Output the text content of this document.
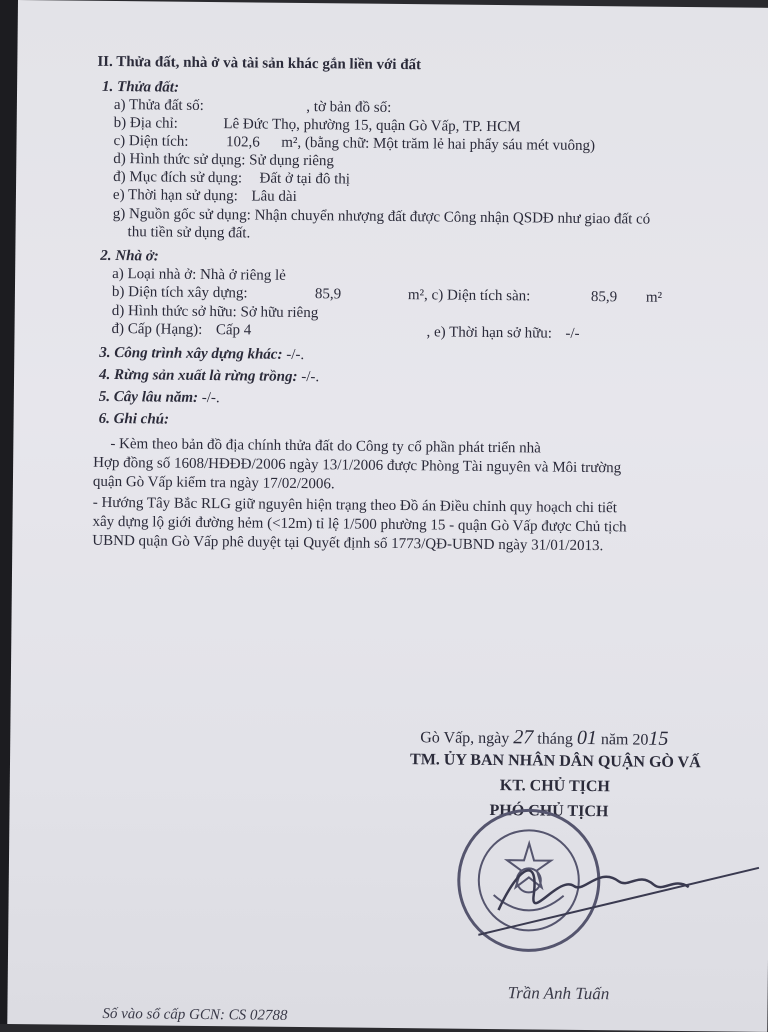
II. Thửa đất, nhà ở và tài sản khác gắn liền với đất
1. Thửa đất:
a) Thửa đất số:	, tờ bản đồ số:
b) Địa chỉ:	Lê Đức Thọ, phường 15, quận Gò Vấp, TP. HCM
c) Diện tích: 102,6 m², (bằng chữ: Một trăm lẻ hai phẩy sáu mét vuông)
d) Hình thức sử dụng: Sử dụng riêng
đ) Mục đích sử dụng: Đất ở tại đô thị
e) Thời hạn sử dụng: Lâu dài
g) Nguồn gốc sử dụng: Nhận chuyển nhượng đất được Công nhận QSDĐ như giao đất có
thu tiền sử dụng đất.
2. Nhà ở:
a) Loại nhà ở: Nhà ở riêng lẻ
b) Diện tích xây dựng:	85,9	m², c) Diện tích sàn:	85,9 m²
d) Hình thức sở hữu: Sở hữu riêng
đ) Cấp (Hạng): Cấp 4	, e) Thời hạn sở hữu: -/-
3. Công trình xây dựng khác: -/-.
4. Rừng sản xuất là rừng trồng: -/-.
5. Cây lâu năm: -/-.
6. Ghi chú:
- Kèm theo bản đồ địa chính thửa đất do Công ty cổ phần phát triển nhà
Hợp đồng số 1608/HĐĐĐ/2006 ngày 13/1/2006 được Phòng Tài nguyên và Môi trường
quận Gò Vấp kiểm tra ngày 17/02/2006.
- Hướng Tây Bắc RLG giữ nguyên hiện trạng theo Đồ án Điều chỉnh quy hoạch chi tiết
xây dựng lộ giới đường hẻm (<12m) tỉ lệ 1/500 phường 15 - quận Gò Vấp được Chủ tịch
UBND quận Gò Vấp phê duyệt tại Quyết định số 1773/QĐ-UBND ngày 31/01/2013.
Gò Vấp, ngày 27 tháng 01 năm 2015
TM. ỦY BAN NHÂN DÂN QUẬN GÒ VẤ
KT. CHỦ TỊCH
PHÓ CHỦ TỊCH
Trần Anh Tuấn
Số vào sổ cấp GCN: CS 02788
